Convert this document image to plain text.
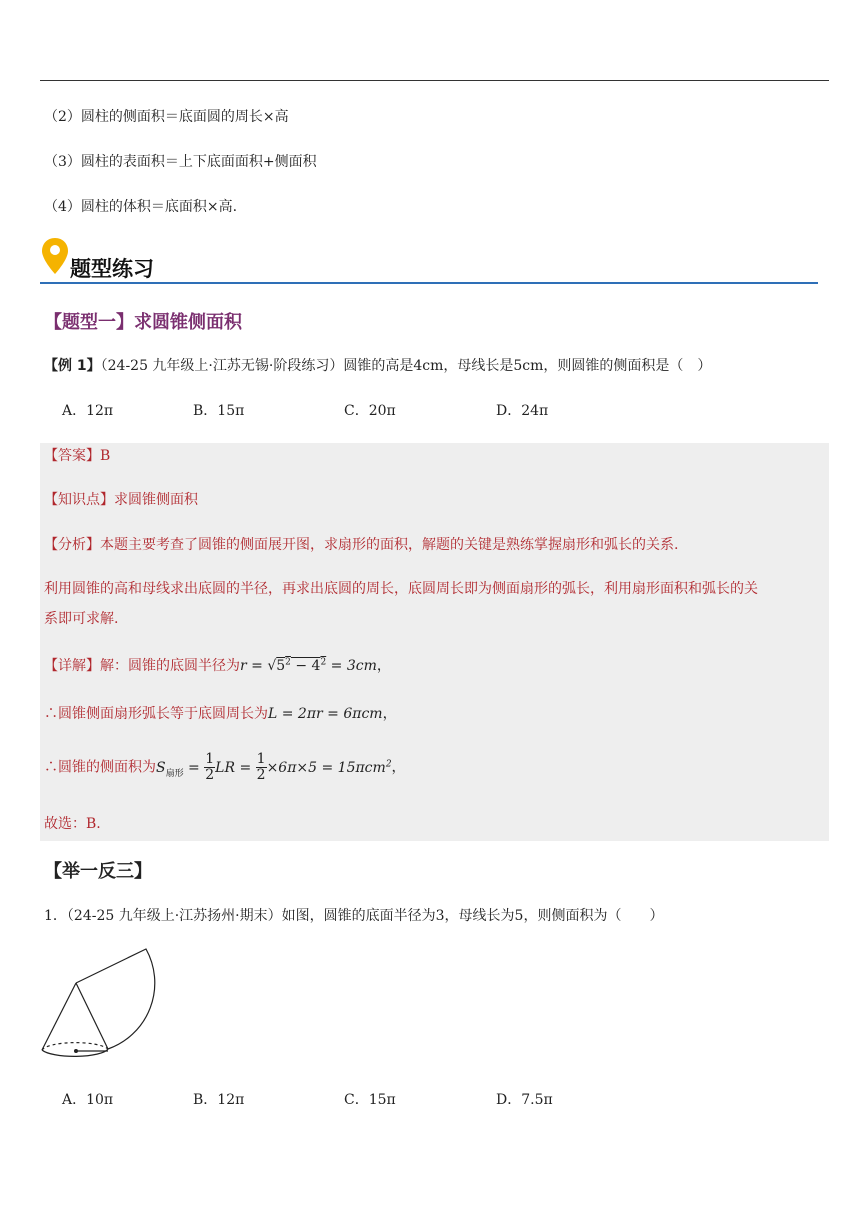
（2）圆柱的侧面积＝底面圆的周长×高
（3）圆柱的表面积＝上下底面面积+侧面积
（4）圆柱的体积＝底面积×高.
题型练习
【题型一】求圆锥侧面积
【例 1】（24-25 九年级上·江苏无锡·阶段练习）圆锥的高是4cm，母线长是5cm，则圆锥的侧面积是（　）
A．12π	B．15π	C．20π	D．24π
【答案】B
【知识点】求圆锥侧面积
【分析】本题主要考查了圆锥的侧面展开图，求扇形的面积，解题的关键是熟练掌握扇形和弧长的关系.
利用圆锥的高和母线求出底圆的半径，再求出底圆的周长，底圆周长即为侧面扇形的弧长，利用扇形面积和弧长的关
系即可求解.
【详解】解：圆锥的底圆半径为$r = √5^2 - 4^2 = 3cm$，
∴圆锥侧面扇形弧长等于底圆周长为L = 2πr = 6πcm，
∴圆锥的侧面积为$S_{扇形} = \frac{1}{2}$ LR = $\frac{1}{2} \times 6\pi\times 5 = 15\pi cm^2$，
故选：B.
【举一反三】
1．（24-25 九年级上·江苏扬州·期末）如图，圆锥的底面半径为3，母线长为5，则侧面积为（　　）
A．10π	B．12π	C．15π	D．7.5π
